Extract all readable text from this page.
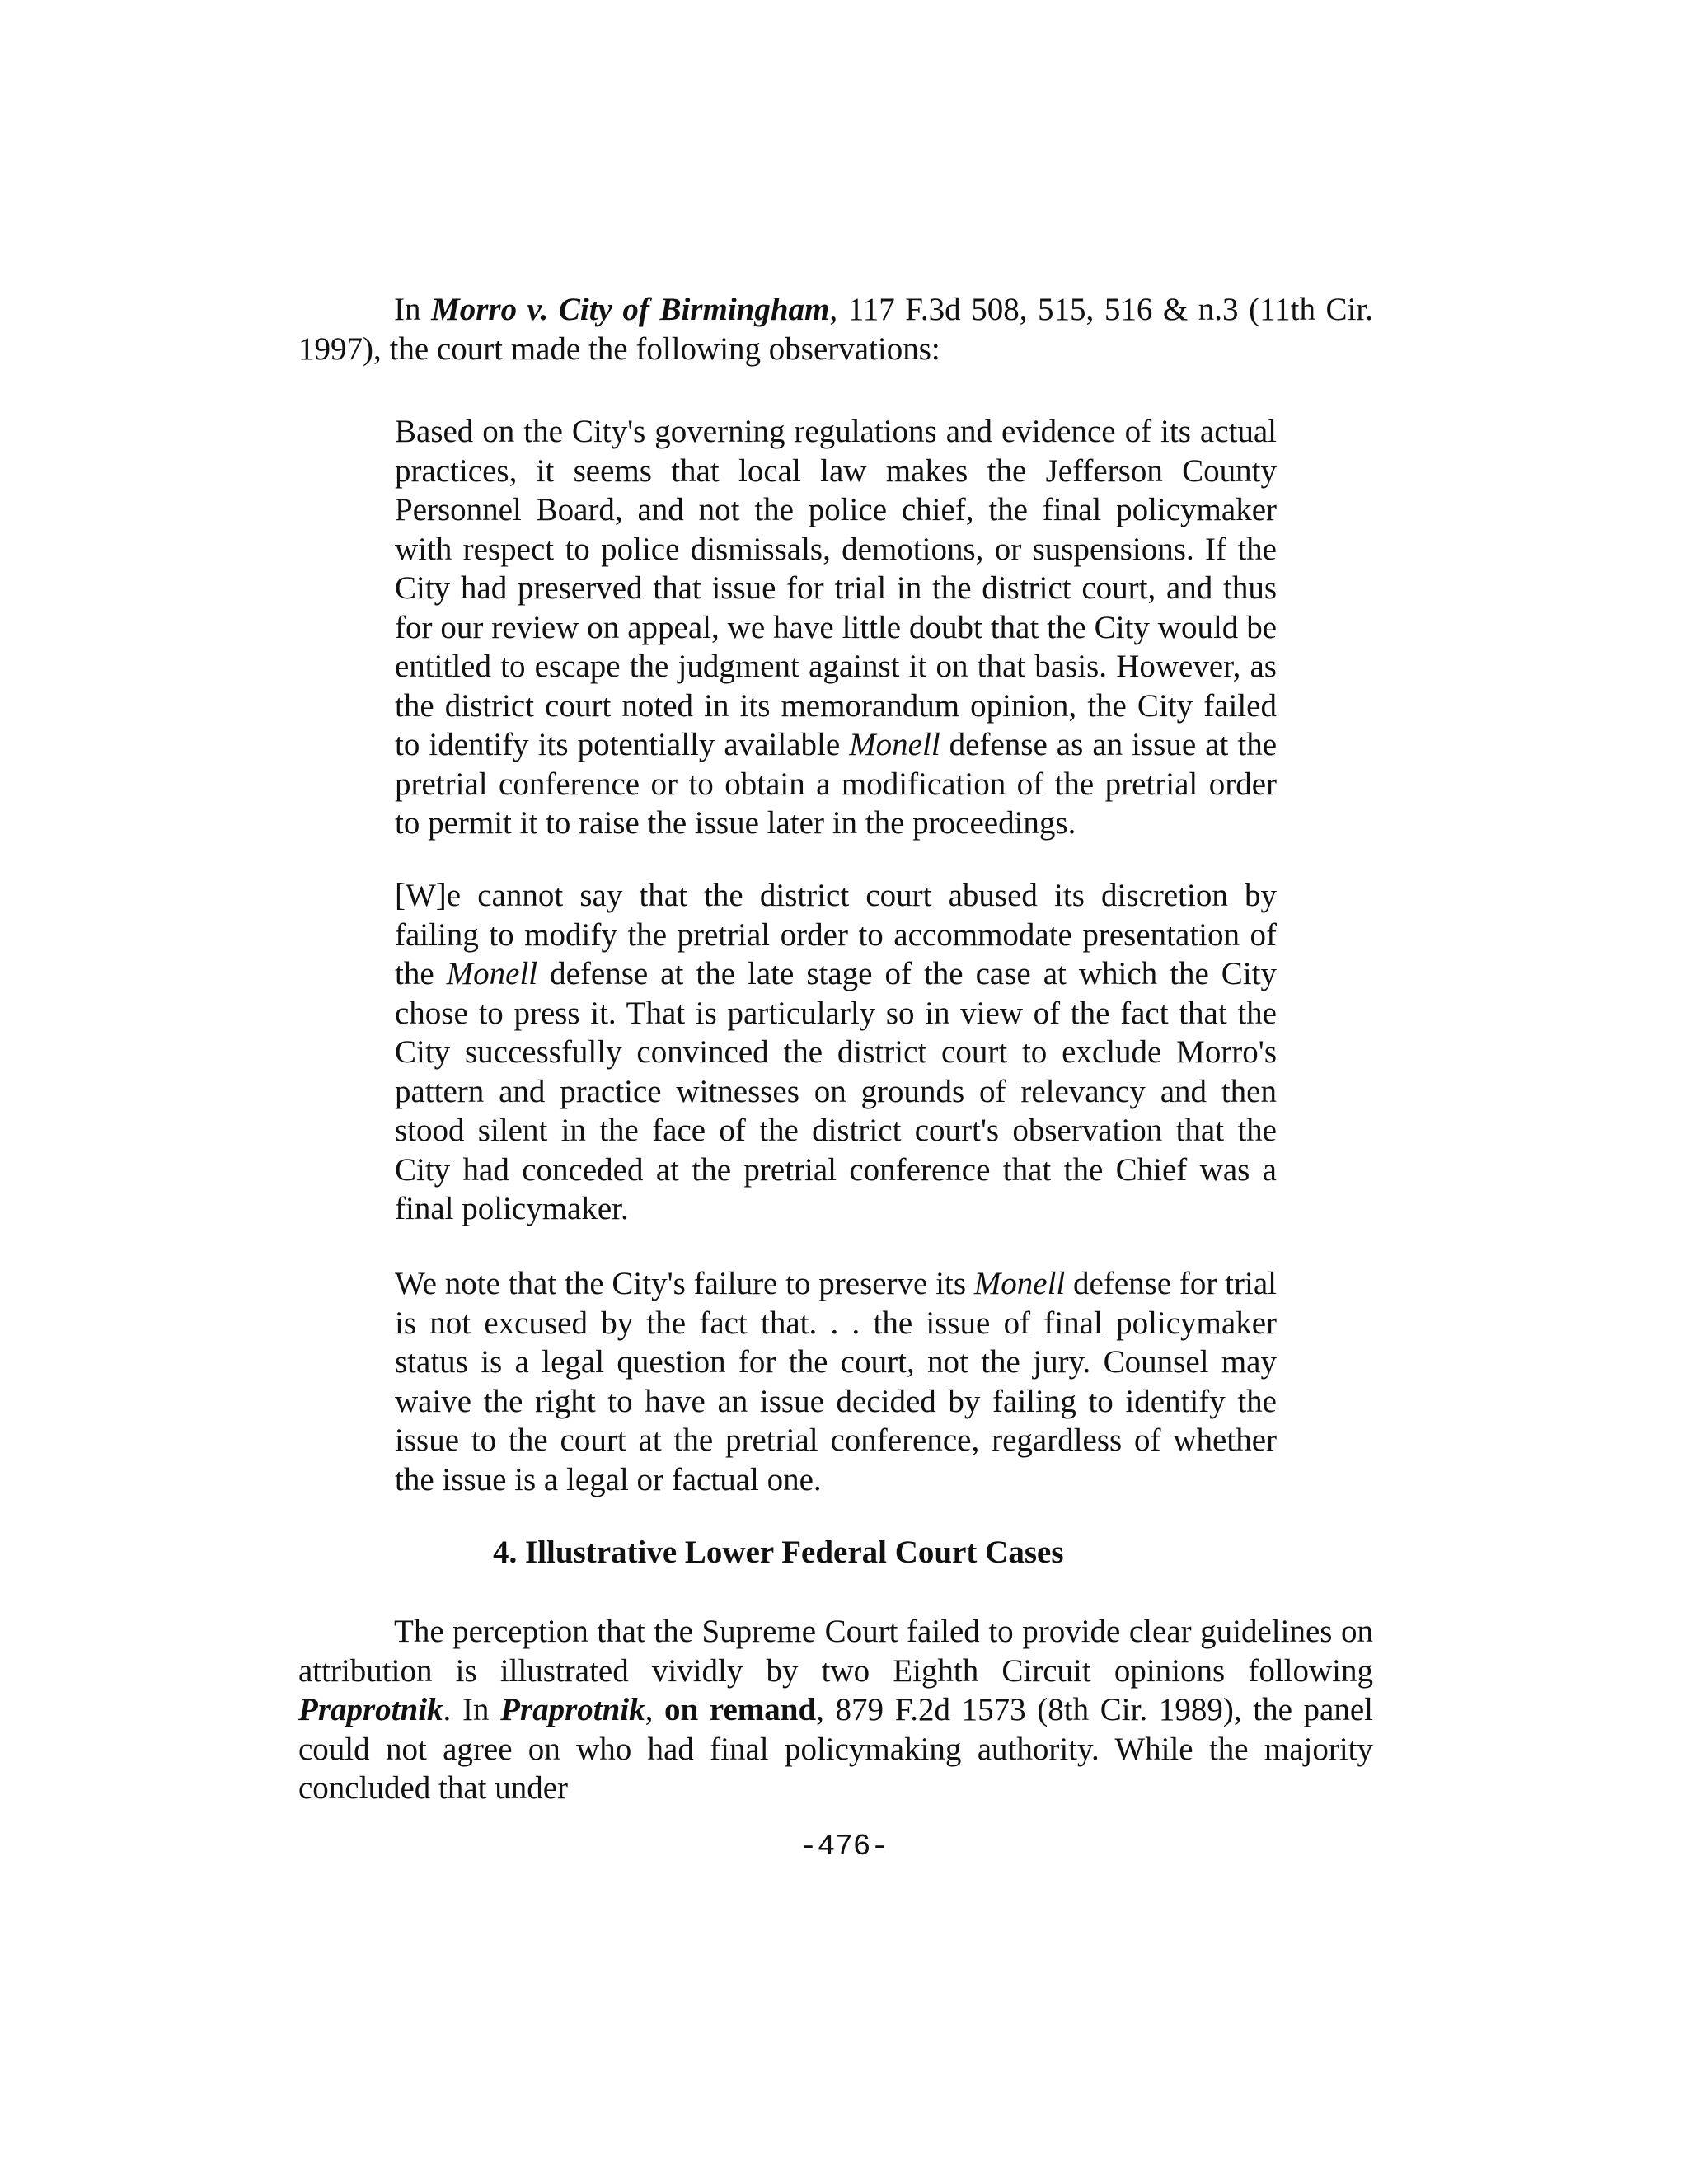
In Morro v. City of Birmingham, 117 F.3d 508, 515, 516 & n.3 (11th Cir. 1997), the court made the following observations:

Based on the City's governing regulations and evidence of its actual practices, it seems that local law makes the Jefferson County Personnel Board, and not the police chief, the final policymaker with respect to police dismissals, demotions, or suspensions. If the City had preserved that issue for trial in the district court, and thus for our review on appeal, we have little doubt that the City would be entitled to escape the judgment against it on that basis. However, as the district court noted in its memorandum opinion, the City failed to identify its potentially available Monell defense as an issue at the pretrial conference or to obtain a modification of the pretrial order to permit it to raise the issue later in the proceedings.

[W]e cannot say that the district court abused its discretion by failing to modify the pretrial order to accommodate presentation of the Monell defense at the late stage of the case at which the City chose to press it. That is particularly so in view of the fact that the City successfully convinced the district court to exclude Morro's pattern and practice witnesses on grounds of relevancy and then stood silent in the face of the district court's observation that the City had conceded at the pretrial conference that the Chief was a final policymaker.

We note that the City's failure to preserve its Monell defense for trial is not excused by the fact that. . . the issue of final policymaker status is a legal question for the court, not the jury. Counsel may waive the right to have an issue decided by failing to identify the issue to the court at the pretrial conference, regardless of whether the issue is a legal or factual one.

4. Illustrative Lower Federal Court Cases

The perception that the Supreme Court failed to provide clear guidelines on attribution is illustrated vividly by two Eighth Circuit opinions following Praprotnik. In Praprotnik, on remand, 879 F.2d 1573 (8th Cir. 1989), the panel could not agree on who had final policymaking authority. While the majority concluded that under

-476-
